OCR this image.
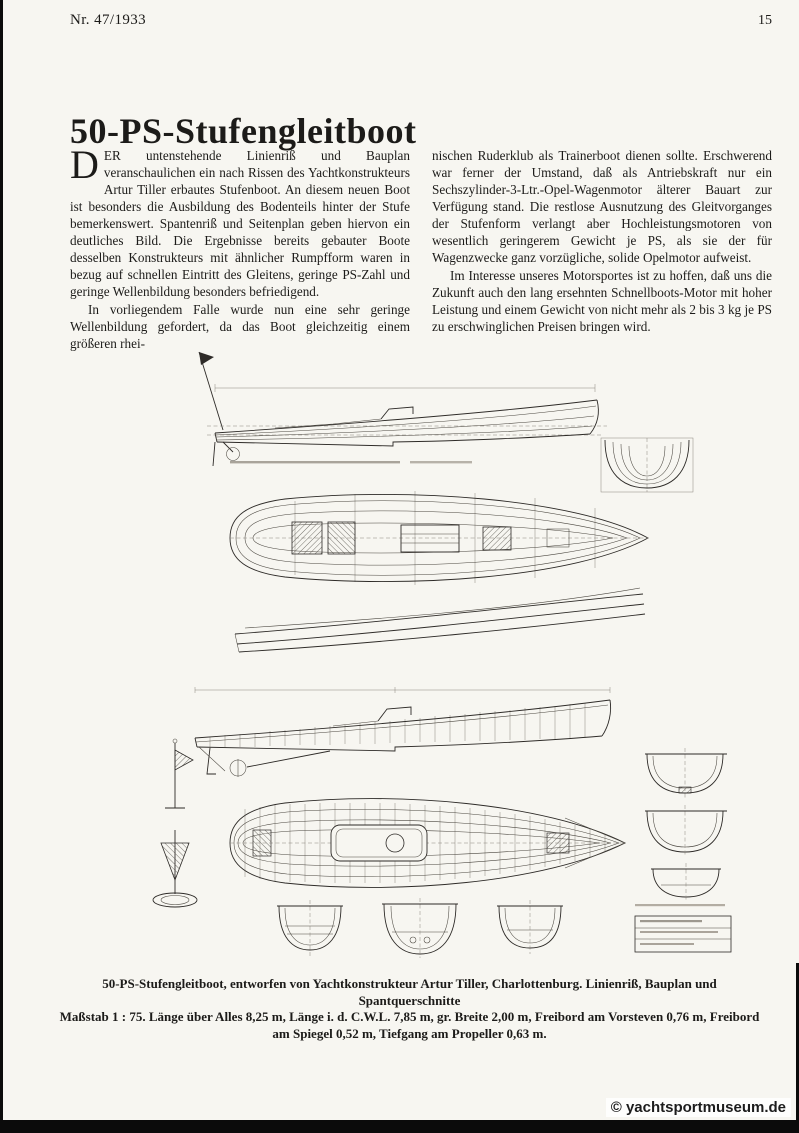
Nr. 47/1933	15
50-PS-Stufengleitboot

DER untenstehende Linienriß und Bauplan veranschaulichen ein nach Rissen des Yachtkonstrukteurs Artur Tiller erbautes Stufenboot. An diesem neuen Boot ist besonders die Ausbildung des Bodenteils hinter der Stufe bemerkenswert. Spantenriß und Seitenplan geben hiervon ein deutliches Bild. Die Ergebnisse bereits gebauter Boote desselben Konstrukteurs mit ähnlicher Rumpfform waren in bezug auf schnellen Eintritt des Gleitens, geringe PS-Zahl und geringe Wellenbildung besonders befriedigend.

In vorliegendem Falle wurde nun eine sehr geringe Wellenbildung gefordert, da das Boot gleichzeitig einem größeren rhei-

nischen Ruderklub als Trainerboot dienen sollte. Erschwerend war ferner der Umstand, daß als Antriebskraft nur ein Sechszylinder-3-Ltr.-Opel-Wagenmotor älterer Bauart zur Verfügung stand. Die restlose Ausnutzung des Gleitvorganges der Stufenform verlangt aber Hochleistungsmotoren von wesentlich geringerem Gewicht je PS, als sie der für Wagenzwecke ganz vorzügliche, solide Opelmotor aufweist.

Im Interesse unseres Motorsportes ist zu hoffen, daß uns die Zukunft auch den lang ersehnten Schnellboots-Motor mit hoher Leistung und einem Gewicht von nicht mehr als 2 bis 3 kg je PS zu erschwinglichen Preisen bringen wird.

50-PS-Stufengleitboot, entworfen von Yachtkonstrukteur Artur Tiller, Charlottenburg. Linienriß, Bauplan und Spantquerschnitte
Maßstab 1 : 75. Länge über Alles 8,25 m, Länge i. d. C.W.L. 7,85 m, gr. Breite 2,00 m, Freibord am Vorsteven 0,76 m, Freibord
am Spiegel 0,52 m, Tiefgang am Propeller 0,63 m.
© yachtsportmuseum.de
